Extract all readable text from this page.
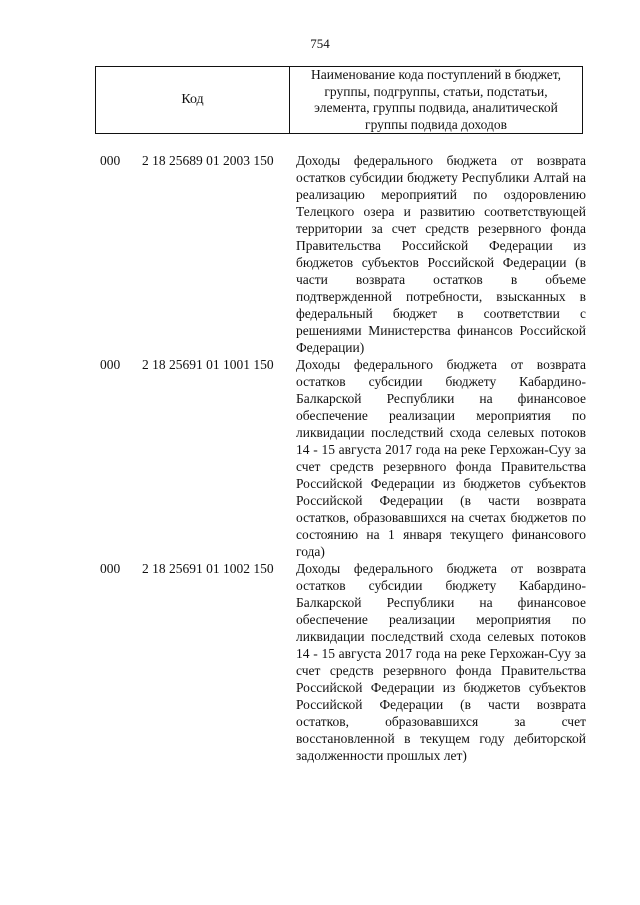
754
Код
Наименование кода поступлений в бюджет, группы, подгруппы, статьи, подстатьи, элемента, группы подвида, аналитической группы подвида доходов
000	2 18 25689 01 2003 150	Доходы федерального бюджета от возврата остатков субсидии бюджету Республики Алтай на реализацию мероприятий по оздоровлению Телецкого озера и развитию соответствующей территории за счет средств резервного фонда Правительства Российской Федерации из бюджетов субъектов Российской Федерации (в части возврата остатков в объеме подтвержденной потребности, взысканных в федеральный бюджет в соответствии с решениями Министерства финансов Российской Федерации)
000	2 18 25691 01 1001 150	Доходы федерального бюджета от возврата остатков субсидии бюджету Кабардино-Балкарской Республики на финансовое обеспечение реализации мероприятия по ликвидации последствий схода селевых потоков 14 - 15 августа 2017 года на реке Герхожан-Суу за счет средств резервного фонда Правительства Российской Федерации из бюджетов субъектов Российской Федерации (в части возврата остатков, образовавшихся на счетах бюджетов по состоянию на 1 января текущего финансового года)
000	2 18 25691 01 1002 150	Доходы федерального бюджета от возврата остатков субсидии бюджету Кабардино-Балкарской Республики на финансовое обеспечение реализации мероприятия по ликвидации последствий схода селевых потоков 14 - 15 августа 2017 года на реке Герхожан-Суу за счет средств резервного фонда Правительства Российской Федерации из бюджетов субъектов Российской Федерации (в части возврата остатков, образовавшихся за счет восстановленной в текущем году дебиторской задолженности прошлых лет)
